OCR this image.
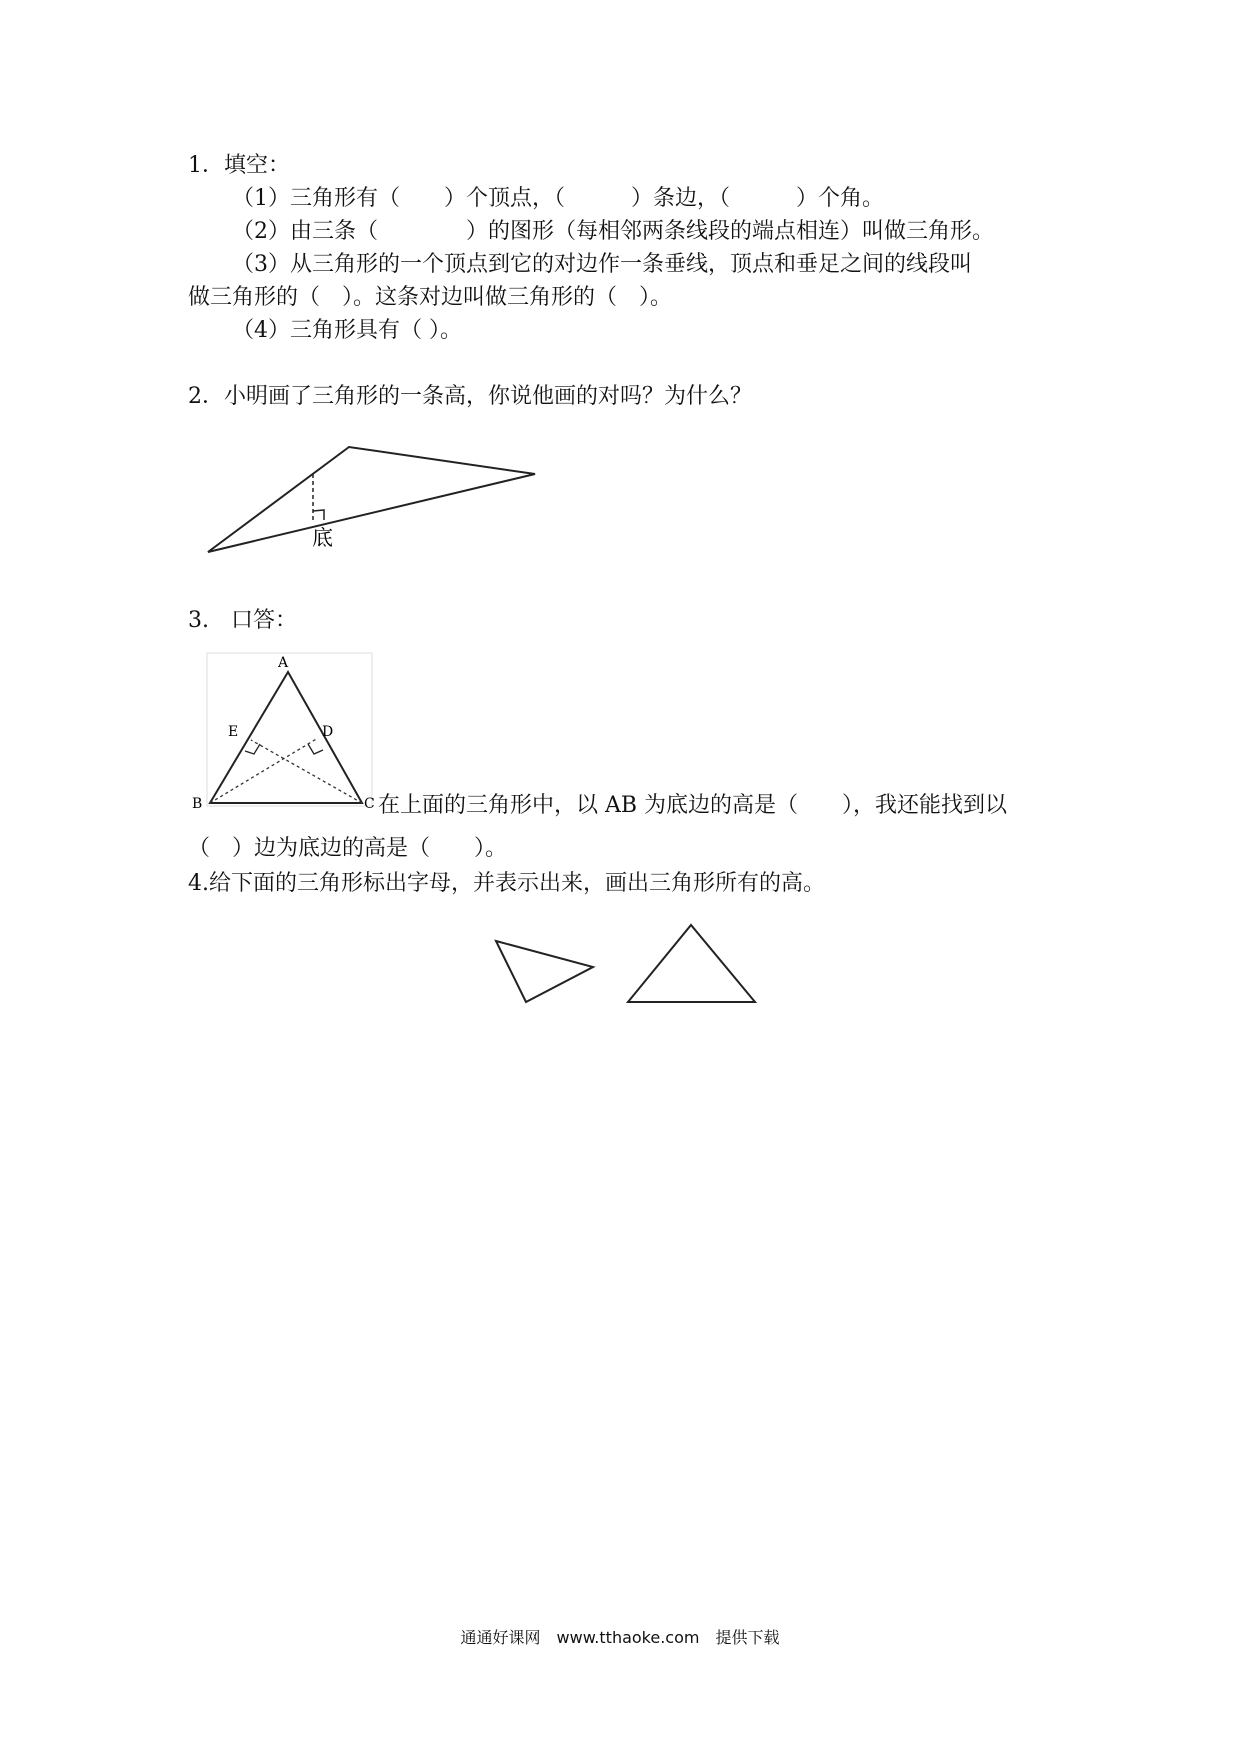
1．填空：
（1）三角形有（　　）个顶点，（　　　）条边，（　　　）个角。
（2）由三条（　　　　）的图形（每相邻两条线段的端点相连）叫做三角形。
（3）从三角形的一个顶点到它的对边作一条垂线，顶点和垂足之间的线段叫
做三角形的（　）。这条对边叫做三角形的（　）。
（4）三角形具有（ ）。
2．小明画了三角形的一条高，你说他画的对吗？为什么？
底
3.　口答：
A
B	C
D
E
在上面的三角形中，以 AB 为底边的高是（　　），我还能找到以
（　）边为底边的高是（　　）。
4.给下面的三角形标出字母，并表示出来，画出三角形所有的高。
通通好课网　www.tthaoke.com　提供下载
